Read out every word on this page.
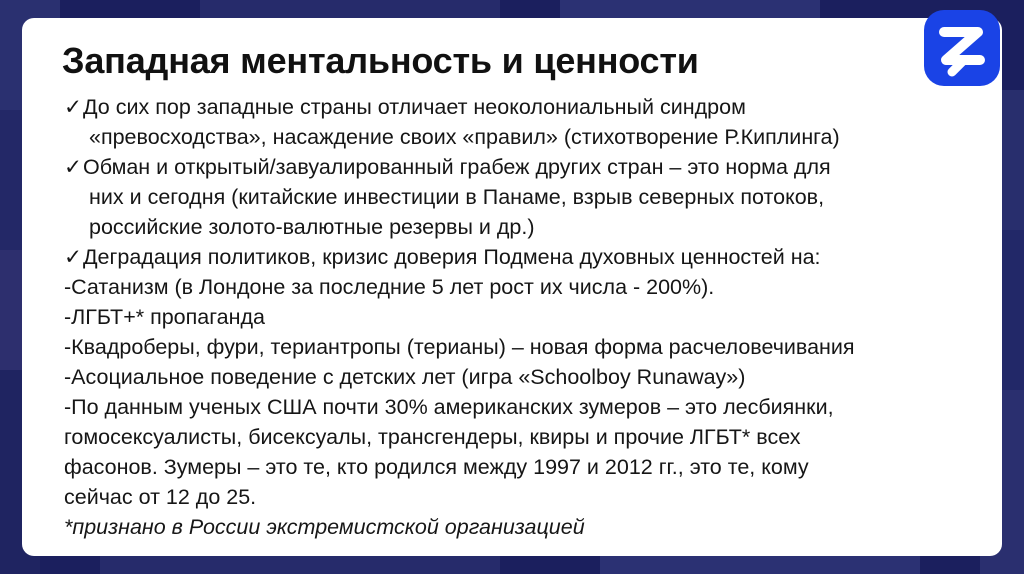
Западная ментальность и ценности
✓До сих пор западные страны отличает неоколониальный синдром
«превосходства», насаждение своих «правил» (стихотворение Р.Киплинга)
✓Обман и открытый/завуалированный грабеж других стран – это норма для
них и сегодня (китайские инвестиции в Панаме, взрыв северных потоков,
российские золото-валютные резервы и др.)
✓Деградация политиков, кризис доверия Подмена духовных ценностей на:
-Сатанизм (в Лондоне за последние 5 лет рост их числа - 200%).
-ЛГБТ+* пропаганда
-Квадроберы, фури, териантропы (терианы) – новая форма расчеловечивания
-Асоциальное поведение с детских лет (игра «Schoolboy Runaway»)
-По данным ученых США почти 30% американских зумеров – это лесбиянки,
гомосексуалисты, бисексуалы, трансгендеры, квиры и прочие ЛГБТ* всех
фасонов. Зумеры – это те, кто родился между 1997 и 2012 гг., это те, кому
сейчас от 12 до 25.
*признано в России экстремистской организацией
